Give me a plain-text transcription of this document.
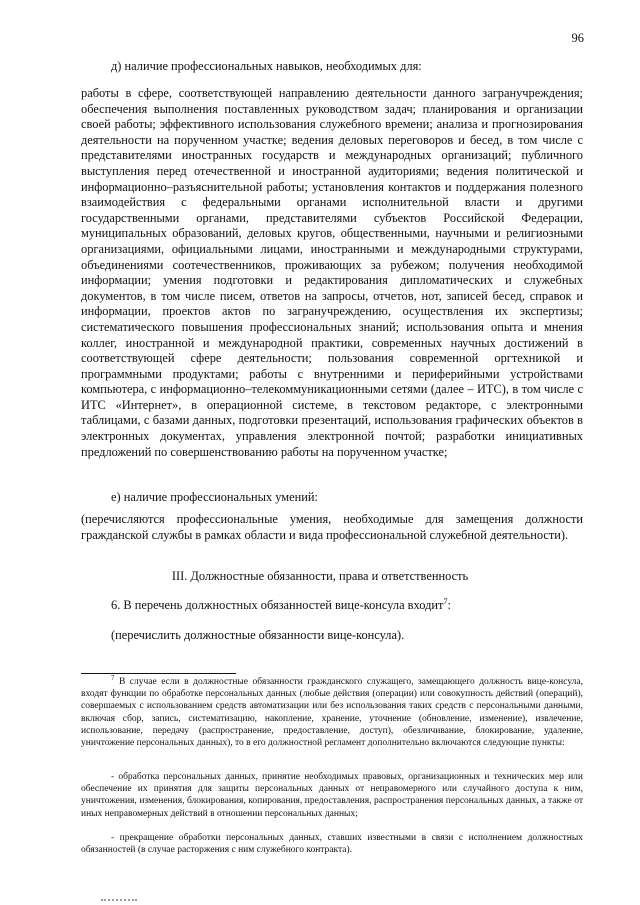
96

д) наличие профессиональных навыков, необходимых для:

работы в сфере, соответствующей направлению деятельности данного загранучреждения; обеспечения выполнения поставленных руководством задач; планирования и организации своей работы; эффективного использования служебного времени; анализа и прогнозирования деятельности на порученном участке; ведения деловых переговоров и бесед, в том числе с представителями иностранных государств и международных организаций; публичного выступления перед отечественной и иностранной аудиториями; ведения политической и информационно–разъяснительной работы; установления контактов и поддержания полезного взаимодействия с федеральными органами исполнительной власти и другими государственными органами, представителями субъектов Российской Федерации, муниципальных образований, деловых кругов, общественными, научными и религиозными организациями, официальными лицами, иностранными и международными структурами, объединениями соотечественников, проживающих за рубежом; получения необходимой информации; умения подготовки и редактирования дипломатических и служебных документов, в том числе писем, ответов на запросы, отчетов, нот, записей бесед, справок и информации, проектов актов по загранучреждению, осуществления их экспертизы; систематического повышения профессиональных знаний; использования опыта и мнения коллег, иностранной и международной практики, современных научных достижений в соответствующей сфере деятельности; пользования современной оргтехникой и программными продуктами; работы с внутренними и периферийными устройствами компьютера, с информационно–телекоммуникационными сетями (далее – ИТС), в том числе с ИТС «Интернет», в операционной системе, в текстовом редакторе, с электронными таблицами, с базами данных, подготовки презентаций, использования графических объектов в электронных документах, управления электронной почтой; разработки инициативных предложений по совершенствованию работы на порученном участке;

е) наличие профессиональных умений:

(перечисляются профессиональные умения, необходимые для замещения должности гражданской службы в рамках области и вида профессиональной служебной деятельности).

III. Должностные обязанности, права и ответственность

6. В перечень должностных обязанностей вице-консула входит$^7$:

(перечислить должностные обязанности вице-консула).

$^7$ В случае если в должностные обязанности гражданского служащего, замещающего должность вице-консула, входят функции по обработке персональных данных (любые действия (операции) или совокупность действий (операций), совершаемых с использованием средств автоматизации или без использования таких средств с персональными данными, включая сбор, запись, систематизацию, накопление, хранение, уточнение (обновление, изменение), извлечение, использование, передачу (распространение, предоставление, доступ), обезличивание, блокирование, удаление, уничтожение персональных данных), то в его должностной регламент дополнительно включаются следующие пункты:

- обработка персональных данных, принятие необходимых правовых, организационных и технических мер или обеспечение их принятия для защиты персональных данных от неправомерного или случайного доступа к ним, уничтожения, изменения, блокирования, копирования, предоставления, распространения персональных данных, а также от иных неправомерных действий в отношении персональных данных;

- прекращение обработки персональных данных, ставших известными в связи с исполнением должностных обязанностей (в случае расторжения с ним служебного контракта).
